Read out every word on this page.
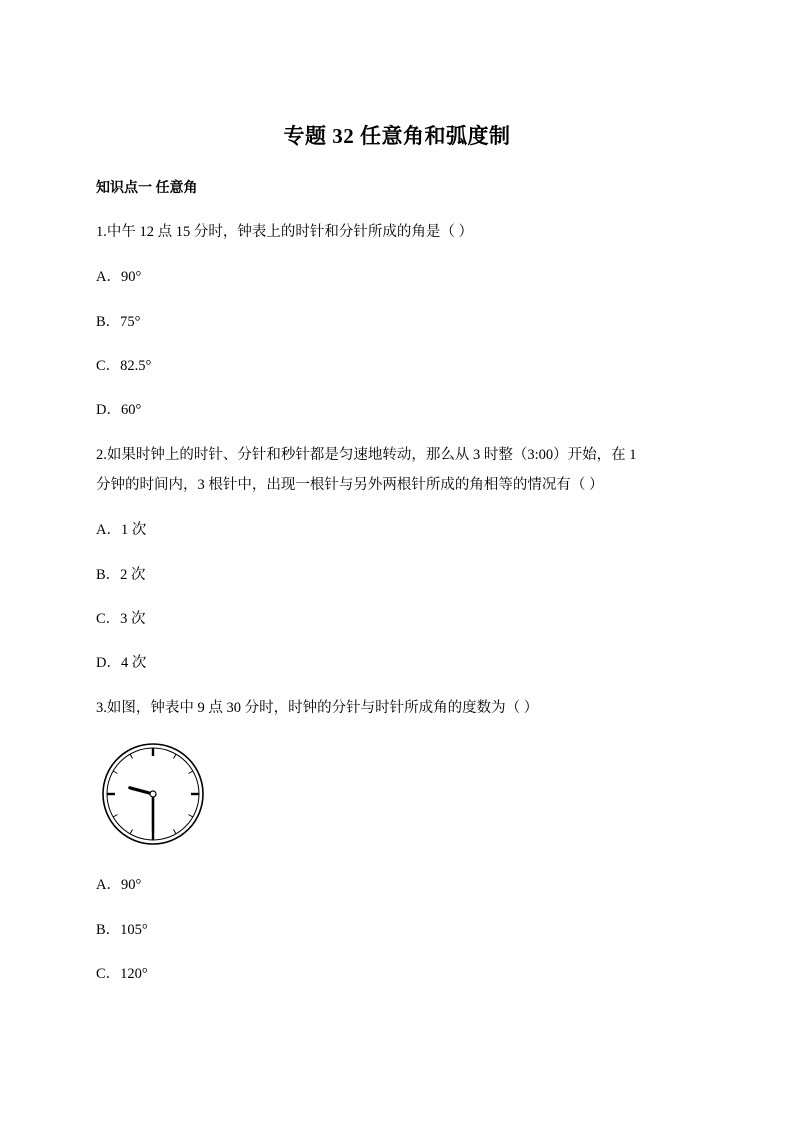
专题 32 任意角和弧度制
知识点一 任意角
1.中午 12 点 15 分时，钟表上的时针和分针所成的角是（ ）
A．90°
B．75°
C．82.5°
D．60°
2.如果时钟上的时针、分针和秒针都是匀速地转动，那么从 3 时整（3:00）开始，在 1
分钟的时间内，3 根针中，出现一根针与另外两根针所成的角相等的情况有（ ）
A．1 次
B．2 次
C．3 次
D．4 次
3.如图，钟表中 9 点 30 分时，时钟的分针与时针所成角的度数为（ ）
A．90°
B．105°
C．120°
